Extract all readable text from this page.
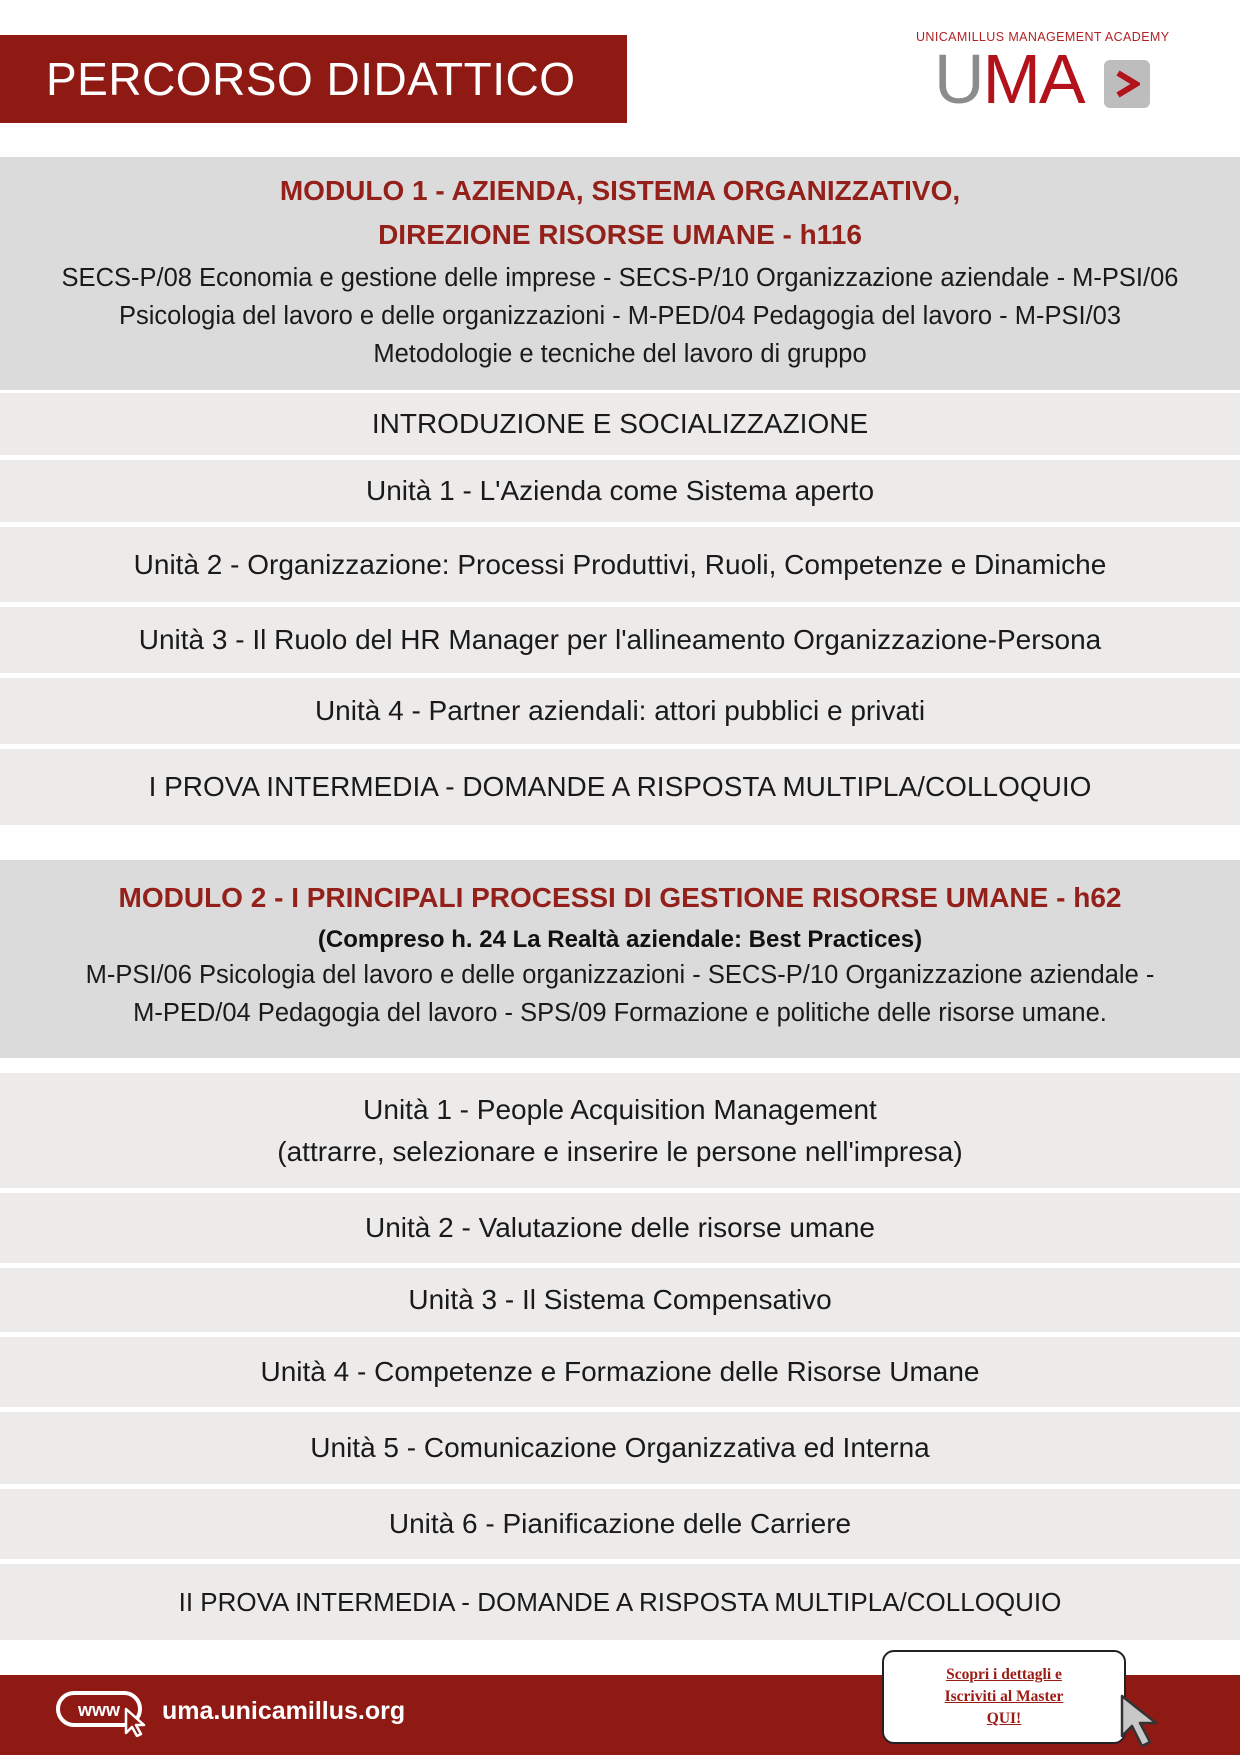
PERCORSO DIDATTICO
UNICAMILLUS MANAGEMENT ACADEMY
UMA
MODULO 1 - AZIENDA, SISTEMA ORGANIZZATIVO,
DIREZIONE RISORSE UMANE - h116
SECS-P/08 Economia e gestione delle imprese - SECS-P/10 Organizzazione aziendale - M-PSI/06
Psicologia del lavoro e delle organizzazioni - M-PED/04 Pedagogia del lavoro - M-PSI/03
Metodologie e tecniche del lavoro di gruppo
INTRODUZIONE E SOCIALIZZAZIONE
Unità 1 - L'Azienda come Sistema aperto
Unità 2 - Organizzazione: Processi Produttivi, Ruoli, Competenze e Dinamiche
Unità 3 - Il Ruolo del HR Manager per l'allineamento Organizzazione-Persona
Unità 4 - Partner aziendali: attori pubblici e privati
I PROVA INTERMEDIA - DOMANDE A RISPOSTA MULTIPLA/COLLOQUIO
MODULO 2 - I PRINCIPALI PROCESSI DI GESTIONE RISORSE UMANE - h62
(Compreso h. 24 La Realtà aziendale: Best Practices)
M-PSI/06 Psicologia del lavoro e delle organizzazioni - SECS-P/10 Organizzazione aziendale -
M-PED/04 Pedagogia del lavoro - SPS/09 Formazione e politiche delle risorse umane.
Unità 1 - People Acquisition Management
(attrarre, selezionare e inserire le persone nell'impresa)
Unità 2 - Valutazione delle risorse umane
Unità 3 - Il Sistema Compensativo
Unità 4 - Competenze e Formazione delle Risorse Umane
Unità 5 - Comunicazione Organizzativa ed Interna
Unità 6 - Pianificazione delle Carriere
II PROVA INTERMEDIA - DOMANDE A RISPOSTA MULTIPLA/COLLOQUIO
www uma.unicamillus.org
Scopri i dettagli e
Iscriviti al Master
QUI!
